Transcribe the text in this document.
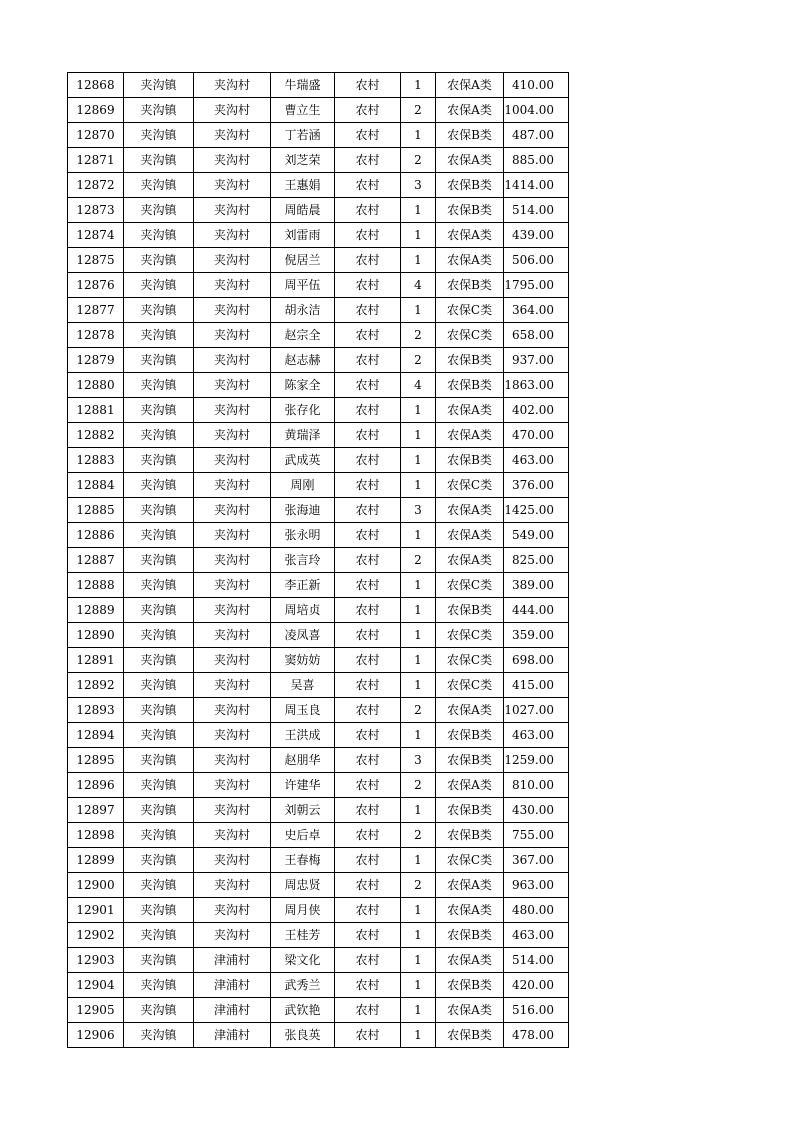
12868	夹沟镇	夹沟村	牛瑞盛	农村	1	农保A类	410.00
12869	夹沟镇	夹沟村	曹立生	农村	2	农保A类	1004.00
12870	夹沟镇	夹沟村	丁若涵	农村	1	农保B类	487.00
12871	夹沟镇	夹沟村	刘芝荣	农村	2	农保A类	885.00
12872	夹沟镇	夹沟村	王惠娟	农村	3	农保B类	1414.00
12873	夹沟镇	夹沟村	周皓晨	农村	1	农保B类	514.00
12874	夹沟镇	夹沟村	刘雷雨	农村	1	农保A类	439.00
12875	夹沟镇	夹沟村	倪居兰	农村	1	农保A类	506.00
12876	夹沟镇	夹沟村	周平伍	农村	4	农保B类	1795.00
12877	夹沟镇	夹沟村	胡永洁	农村	1	农保C类	364.00
12878	夹沟镇	夹沟村	赵宗全	农村	2	农保C类	658.00
12879	夹沟镇	夹沟村	赵志赫	农村	2	农保B类	937.00
12880	夹沟镇	夹沟村	陈家全	农村	4	农保B类	1863.00
12881	夹沟镇	夹沟村	张存化	农村	1	农保A类	402.00
12882	夹沟镇	夹沟村	黄瑞泽	农村	1	农保A类	470.00
12883	夹沟镇	夹沟村	武成英	农村	1	农保B类	463.00
12884	夹沟镇	夹沟村	周刚	农村	1	农保C类	376.00
12885	夹沟镇	夹沟村	张海迪	农村	3	农保A类	1425.00
12886	夹沟镇	夹沟村	张永明	农村	1	农保A类	549.00
12887	夹沟镇	夹沟村	张言玲	农村	2	农保A类	825.00
12888	夹沟镇	夹沟村	李正新	农村	1	农保C类	389.00
12889	夹沟镇	夹沟村	周培贞	农村	1	农保B类	444.00
12890	夹沟镇	夹沟村	凌凤喜	农村	1	农保C类	359.00
12891	夹沟镇	夹沟村	窦妨妨	农村	1	农保C类	698.00
12892	夹沟镇	夹沟村	吴喜	农村	1	农保C类	415.00
12893	夹沟镇	夹沟村	周玉良	农村	2	农保A类	1027.00
12894	夹沟镇	夹沟村	王洪成	农村	1	农保B类	463.00
12895	夹沟镇	夹沟村	赵朋华	农村	3	农保B类	1259.00
12896	夹沟镇	夹沟村	许建华	农村	2	农保A类	810.00
12897	夹沟镇	夹沟村	刘朝云	农村	1	农保B类	430.00
12898	夹沟镇	夹沟村	史后卓	农村	2	农保B类	755.00
12899	夹沟镇	夹沟村	王春梅	农村	1	农保C类	367.00
12900	夹沟镇	夹沟村	周忠贤	农村	2	农保A类	963.00
12901	夹沟镇	夹沟村	周月侠	农村	1	农保A类	480.00
12902	夹沟镇	夹沟村	王桂芳	农村	1	农保B类	463.00
12903	夹沟镇	津浦村	梁文化	农村	1	农保A类	514.00
12904	夹沟镇	津浦村	武秀兰	农村	1	农保B类	420.00
12905	夹沟镇	津浦村	武钦艳	农村	1	农保A类	516.00
12906	夹沟镇	津浦村	张良英	农村	1	农保B类	478.00
